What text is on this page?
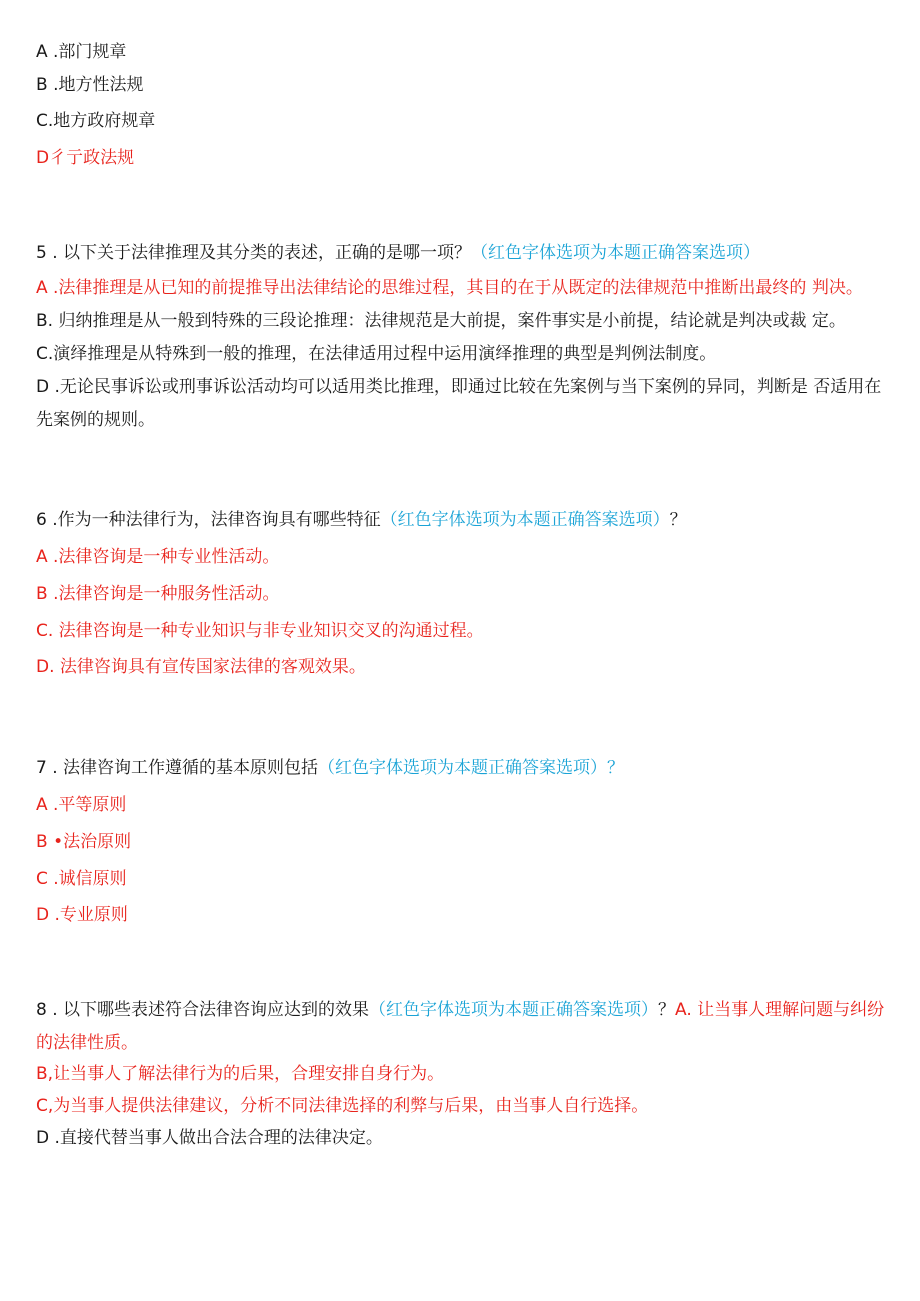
A .部门规章
B .地方性法规
C.地方政府规章
D彳亍政法规
5 . 以下关于法律推理及其分类的表述，正确的是哪一项？（红色字体选项为本题正确答案选项）
A .法律推理是从已知的前提推导出法律结论的思维过程，其目的在于从既定的法律规范中推断出最终的 判决。
B. 归纳推理是从一般到特殊的三段论推理：法律规范是大前提，案件事实是小前提，结论就是判决或裁 定。
C.演绎推理是从特殊到一般的推理，在法律适用过程中运用演绎推理的典型是判例法制度。
D .无论民事诉讼或刑事诉讼活动均可以适用类比推理，即通过比较在先案例与当下案例的异同，判断是 否适用在先案例的规则。
6 .作为一种法律行为，法律咨询具有哪些特征（红色字体选项为本题正确答案选项）？
A .法律咨询是一种专业性活动。
B .法律咨询是一种服务性活动。
C. 法律咨询是一种专业知识与非专业知识交叉的沟通过程。
D. 法律咨询具有宣传国家法律的客观效果。
7 . 法律咨询工作遵循的基本原则包括（红色字体选项为本题正确答案选项）？
A .平等原则
B •法治原则
C .诚信原则
D .专业原则
8 . 以下哪些表述符合法律咨询应达到的效果（红色字体选项为本题正确答案选项）？A. 让当事人理解问题与纠纷的法律性质。
B,让当事人了解法律行为的后果，合理安排自身行为。
C,为当事人提供法律建议，分析不同法律选择的利弊与后果，由当事人自行选择。
D .直接代替当事人做出合法合理的法律决定。
